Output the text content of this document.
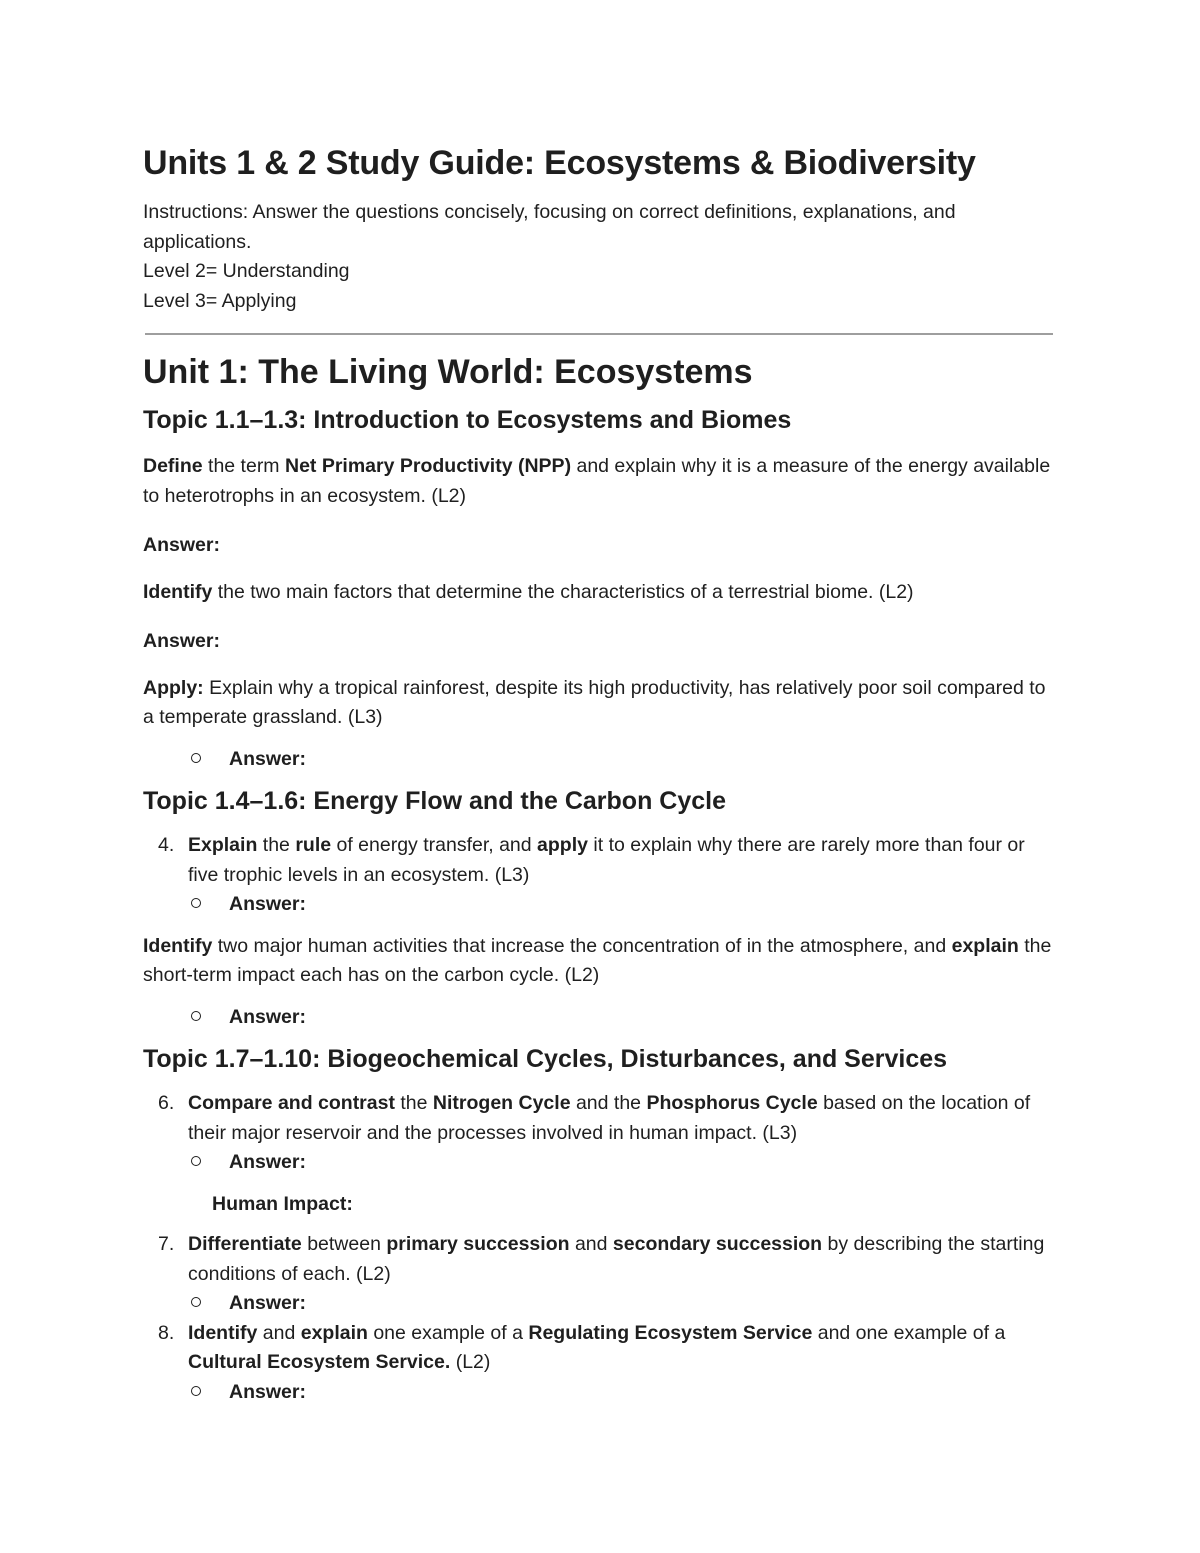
Units 1 & 2 Study Guide: Ecosystems & Biodiversity

Instructions: Answer the questions concisely, focusing on correct definitions, explanations, and applications.

Level 2= Understanding

Level 3= Applying

Unit 1: The Living World: Ecosystems
Topic 1.1–1.3: Introduction to Ecosystems and Biomes

Define the term Net Primary Productivity (NPP) and explain why it is a measure of the energy available to heterotrophs in an ecosystem. (L2)

Answer:

Identify the two main factors that determine the characteristics of a terrestrial biome. (L2)

Answer:

Apply: Explain why a tropical rainforest, despite its high productivity, has relatively poor soil compared to a temperate grassland. (L3)

Answer:
Topic 1.4–1.6: Energy Flow and the Carbon Cycle
4. Explain the rule of energy transfer, and apply it to explain why there are rarely more than four or five trophic levels in an ecosystem. (L3)
Answer:

Identify two major human activities that increase the concentration of in the atmosphere, and explain the short-term impact each has on the carbon cycle. (L2)

Answer:
Topic 1.7–1.10: Biogeochemical Cycles, Disturbances, and Services
6. Compare and contrast the Nitrogen Cycle and the Phosphorus Cycle based on the location of their major reservoir and the processes involved in human impact. (L3)
Answer:

Human Impact:

7. Differentiate between primary succession and secondary succession by describing the starting conditions of each. (L2)
Answer:
8. Identify and explain one example of a Regulating Ecosystem Service and one example of a Cultural Ecosystem Service. (L2)
Answer:
